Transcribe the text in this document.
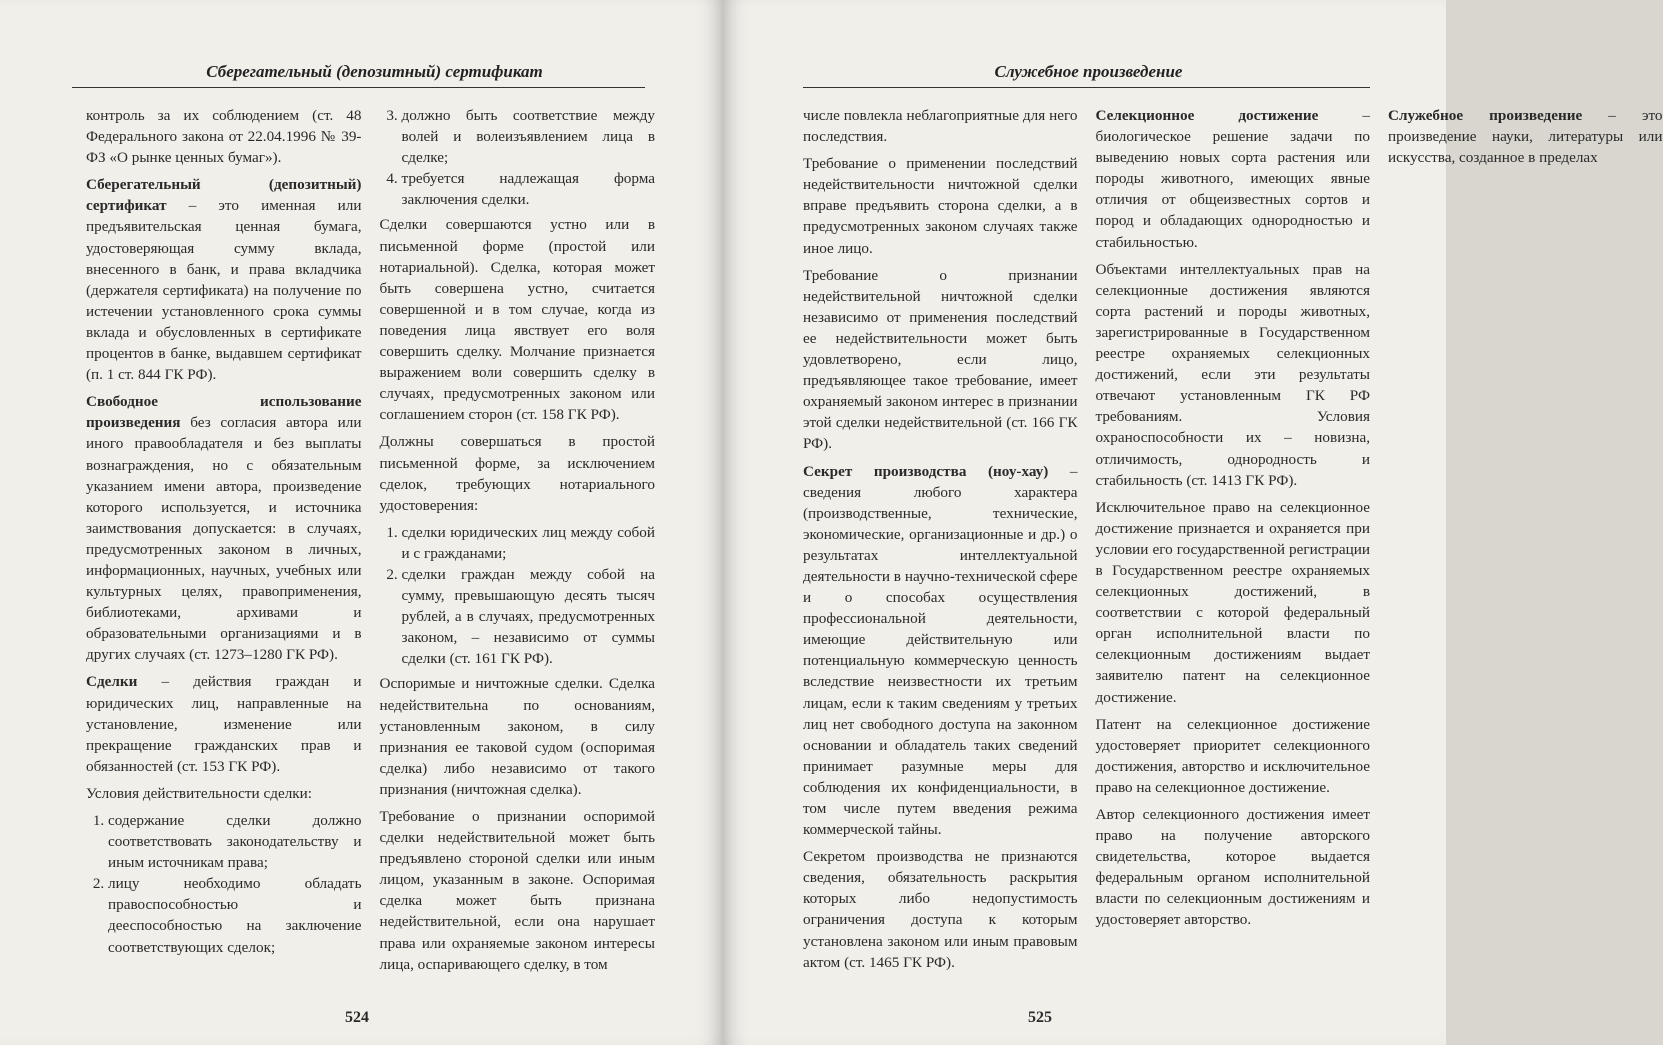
Сберегательный (депозитный) сертификат

контроль за их соблюдением (ст. 48 Федерального закона от 22.04.1996 № 39-ФЗ «О рынке ценных бумаг»).

Сберегательный (депозитный) сертификат – это именная или предъявительская ценная бумага, удостоверяющая сумму вклада, внесенного в банк, и права вкладчика (держателя сертификата) на получение по истечении установленного срока суммы вклада и обусловленных в сертификате процентов в банке, выдавшем сертификат (п. 1 ст. 844 ГК РФ).

Свободное использование произведения без согласия автора или иного правообладателя и без выплаты вознаграждения, но с обязательным указанием имени автора, произведение которого используется, и источника заимствования допускается: в случаях, предусмотренных законом в личных, информационных, научных, учебных или культурных целях, правоприменения, библиотеками, архивами и образовательными организациями и в других случаях (ст. 1273–1280 ГК РФ).

Сделки – действия граждан и юридических лиц, направленные на установление, изменение или прекращение гражданских прав и обязанностей (ст. 153 ГК РФ).

Условия действительности сделки:

1. содержание сделки должно соответствовать законодательству и иным источникам права;
2. лицу необходимо обладать правоспособностью и дееспособностью на заключение соответствующих сделок;
3. должно быть соответствие между волей и волеизъявлением лица в сделке;
4. требуется надлежащая форма заключения сделки.

Сделки совершаются устно или в письменной форме (простой или нотариальной). Сделка, которая может быть совершена устно, считается совершенной и в том случае, когда из поведения лица явствует его воля совершить сделку. Молчание признается выражением воли совершить сделку в случаях, предусмотренных законом или соглашением сторон (ст. 158 ГК РФ).

Должны совершаться в простой письменной форме, за исключением сделок, требующих нотариального удостоверения:

1. сделки юридических лиц между собой и с гражданами;
2. сделки граждан между собой на сумму, превышающую десять тысяч рублей, а в случаях, предусмотренных законом, – независимо от суммы сделки (ст. 161 ГК РФ).

Оспоримые и ничтожные сделки. Сделка недействительна по основаниям, установленным законом, в силу признания ее таковой судом (оспоримая сделка) либо независимо от такого признания (ничтожная сделка).

Требование о признании оспоримой сделки недействительной может быть предъявлено стороной сделки или иным лицом, указанным в законе. Оспоримая сделка может быть признана недействительной, если она нарушает права или охраняемые законом интересы лица, оспаривающего сделку, в том

524
Служебное произведение

числе повлекла неблагоприятные для него последствия.

Требование о применении последствий недействительности ничтожной сделки вправе предъявить сторона сделки, а в предусмотренных законом случаях также иное лицо.

Требование о признании недействительной ничтожной сделки независимо от применения последствий ее недействительности может быть удовлетворено, если лицо, предъявляющее такое требование, имеет охраняемый законом интерес в признании этой сделки недействительной (ст. 166 ГК РФ).

Секрет производства (ноу-хау) – сведения любого характера (производственные, технические, экономические, организационные и др.) о результатах интеллектуальной деятельности в научно-технической сфере и о способах осуществления профессиональной деятельности, имеющие действительную или потенциальную коммерческую ценность вследствие неизвестности их третьим лицам, если к таким сведениям у третьих лиц нет свободного доступа на законном основании и обладатель таких сведений принимает разумные меры для соблюдения их конфиденциальности, в том числе путем введения режима коммерческой тайны.

Секретом производства не признаются сведения, обязательность раскрытия которых либо недопустимость ограничения доступа к которым установлена законом или иным правовым актом (ст. 1465 ГК РФ).

Селекционное достижение – биологическое решение задачи по выведению новых сорта растения или породы животного, имеющих явные отличия от общеизвестных сортов и пород и обладающих однородностью и стабильностью.

Объектами интеллектуальных прав на селекционные достижения являются сорта растений и породы животных, зарегистрированные в Государственном реестре охраняемых селекционных достижений, если эти результаты отвечают установленным ГК РФ требованиям. Условия охраноспособности их – новизна, отличимость, однородность и стабильность (ст. 1413 ГК РФ).

Исключительное право на селекционное достижение признается и охраняется при условии его государственной регистрации в Государственном реестре охраняемых селекционных достижений, в соответствии с которой федеральный орган исполнительной власти по селекционным достижениям выдает заявителю патент на селекционное достижение.

Патент на селекционное достижение удостоверяет приоритет селекционного достижения, авторство и исключительное право на селекционное достижение.

Автор селекционного достижения имеет право на получение авторского свидетельства, которое выдается федеральным органом исполнительной власти по селекционным достижениям и удостоверяет авторство.

Служебное произведение – это произведение науки, литературы или искусства, созданное в пределах

525
